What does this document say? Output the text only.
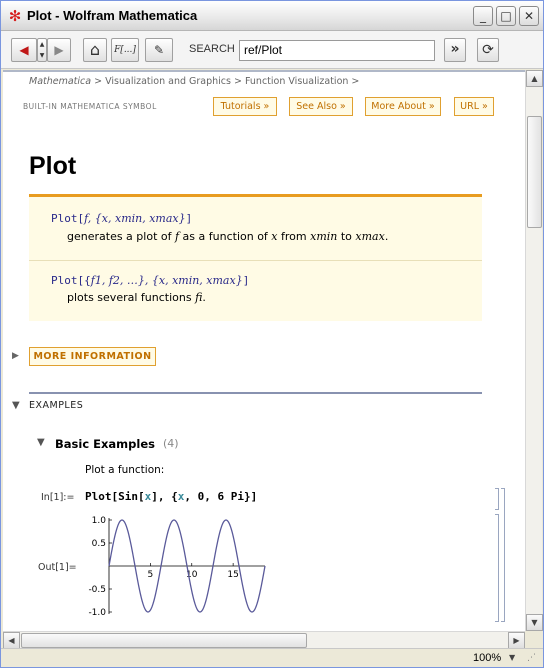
✻ Plot - Wolfram Mathematica	_	□	✕
◀	▲
▼ ▶	⌂	F[...]	✎	SEARCH ref/Plot	»	⟳
Mathematica > Visualization and Graphics > Function Visualization >
BUILT-IN MATHEMATICA SYMBOL	Tutorials »	See Also »	More About »	URL »
Plot
Plot[f, {x, xmin, xmax}]
generates a plot of f as a function of x from xmin to xmax.
Plot[{f1, f2, …}, {x, xmin, xmax}]
plots several functions fi.
▶	MORE INFORMATION
▼ EXAMPLES
▼ Basic Examples (4)
Plot a function:
In[1]:= Plot[Sin[x], {x, 0, 6 Pi}]
Out[1]=
5	10	15
1.0
0.5
-0.5
-1.0
▲
▼
◀	▶
100% ▼ ⋰
